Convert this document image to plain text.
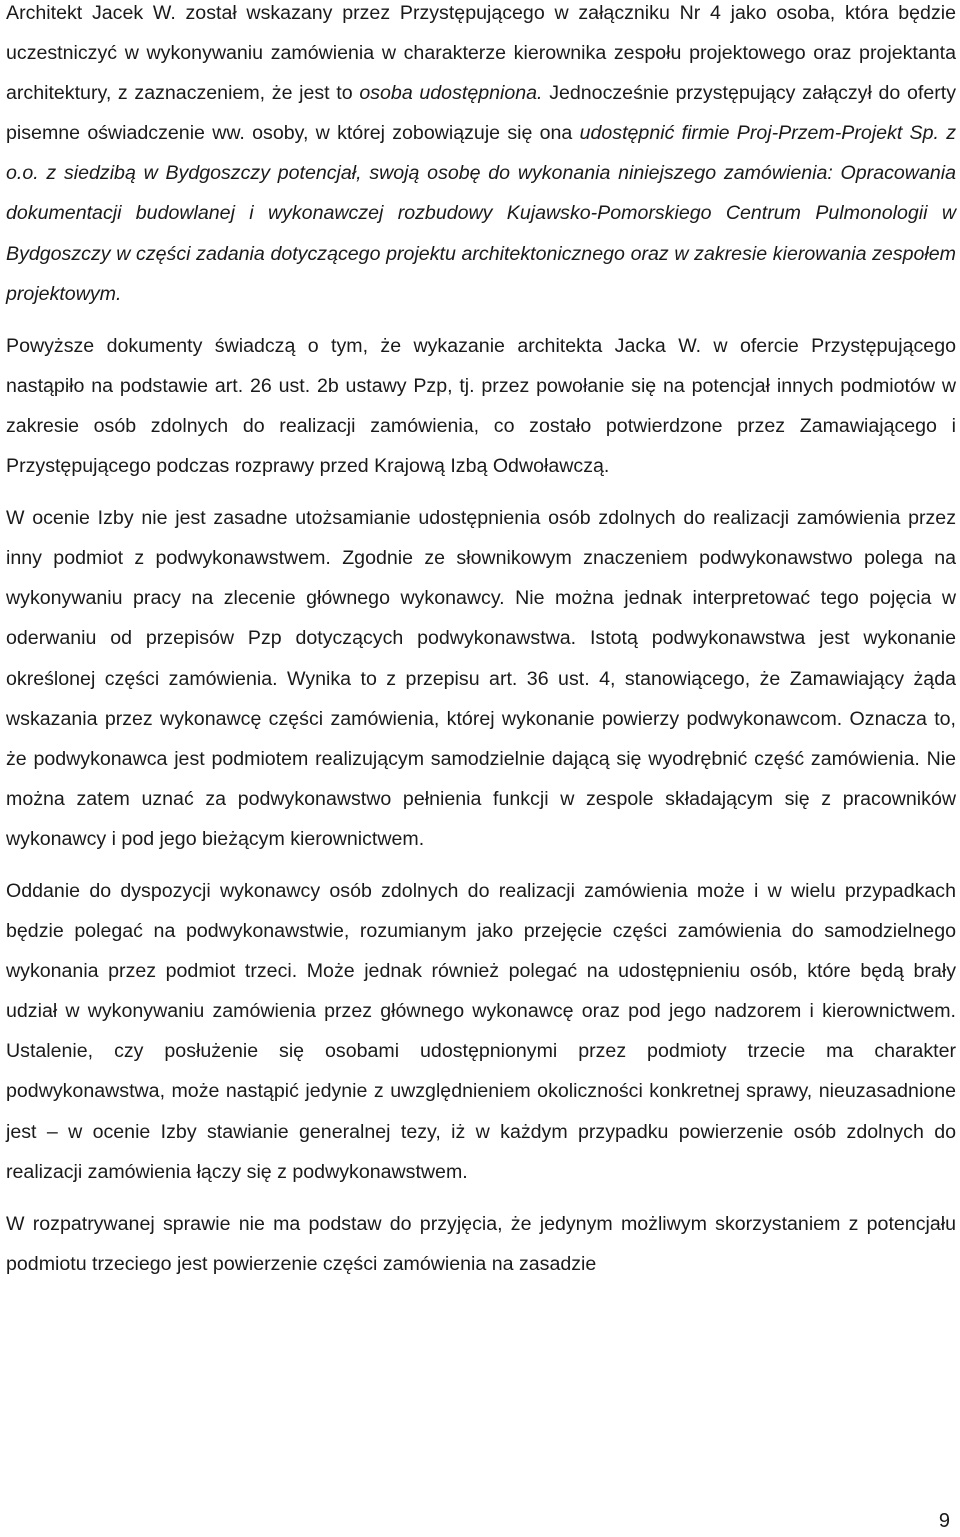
Architekt Jacek W. został wskazany przez Przystępującego w załączniku Nr 4 jako osoba, która będzie uczestniczyć w wykonywaniu zamówienia w charakterze kierownika zespołu projektowego oraz projektanta architektury, z zaznaczeniem, że jest to osoba udostępniona. Jednocześnie przystępujący załączył do oferty pisemne oświadczenie ww. osoby, w której zobowiązuje się ona udostępnić firmie Proj-Przem-Projekt Sp. z o.o. z siedzibą w Bydgoszczy potencjał, swoją osobę do wykonania niniejszego zamówienia: Opracowania dokumentacji budowlanej i wykonawczej rozbudowy Kujawsko-Pomorskiego Centrum Pulmonologii w Bydgoszczy w części zadania dotyczącego projektu architektonicznego oraz w zakresie kierowania zespołem projektowym.

Powyższe dokumenty świadczą o tym, że wykazanie architekta Jacka W. w ofercie Przystępującego nastąpiło na podstawie art. 26 ust. 2b ustawy Pzp, tj. przez powołanie się na potencjał innych podmiotów w zakresie osób zdolnych do realizacji zamówienia, co zostało potwierdzone przez Zamawiającego i Przystępującego podczas rozprawy przed Krajową Izbą Odwoławczą.

W ocenie Izby nie jest zasadne utożsamianie udostępnienia osób zdolnych do realizacji zamówienia przez inny podmiot z podwykonawstwem. Zgodnie ze słownikowym znaczeniem podwykonawstwo polega na wykonywaniu pracy na zlecenie głównego wykonawcy. Nie można jednak interpretować tego pojęcia w oderwaniu od przepisów Pzp dotyczących podwykonawstwa. Istotą podwykonawstwa jest wykonanie określonej części zamówienia. Wynika to z przepisu art. 36 ust. 4, stanowiącego, że Zamawiający żąda wskazania przez wykonawcę części zamówienia, której wykonanie powierzy podwykonawcom. Oznacza to, że podwykonawca jest podmiotem realizującym samodzielnie dającą się wyodrębnić część zamówienia. Nie można zatem uznać za podwykonawstwo pełnienia funkcji w zespole składającym się z pracowników wykonawcy i pod jego bieżącym kierownictwem.

Oddanie do dyspozycji wykonawcy osób zdolnych do realizacji zamówienia może i w wielu przypadkach będzie polegać na podwykonawstwie, rozumianym jako przejęcie części zamówienia do samodzielnego wykonania przez podmiot trzeci. Może jednak również polegać na udostępnieniu osób, które będą brały udział w wykonywaniu zamówienia przez głównego wykonawcę oraz pod jego nadzorem i kierownictwem. Ustalenie, czy posłużenie się osobami udostępnionymi przez podmioty trzecie ma charakter podwykonawstwa, może nastąpić jedynie z uwzględnieniem okoliczności konkretnej sprawy, nieuzasadnione jest – w ocenie Izby stawianie generalnej tezy, iż w każdym przypadku powierzenie osób zdolnych do realizacji zamówienia łączy się z podwykonawstwem.

W rozpatrywanej sprawie nie ma podstaw do przyjęcia, że jedynym możliwym skorzystaniem z potencjału podmiotu trzeciego jest powierzenie części zamówienia na zasadzie

9
